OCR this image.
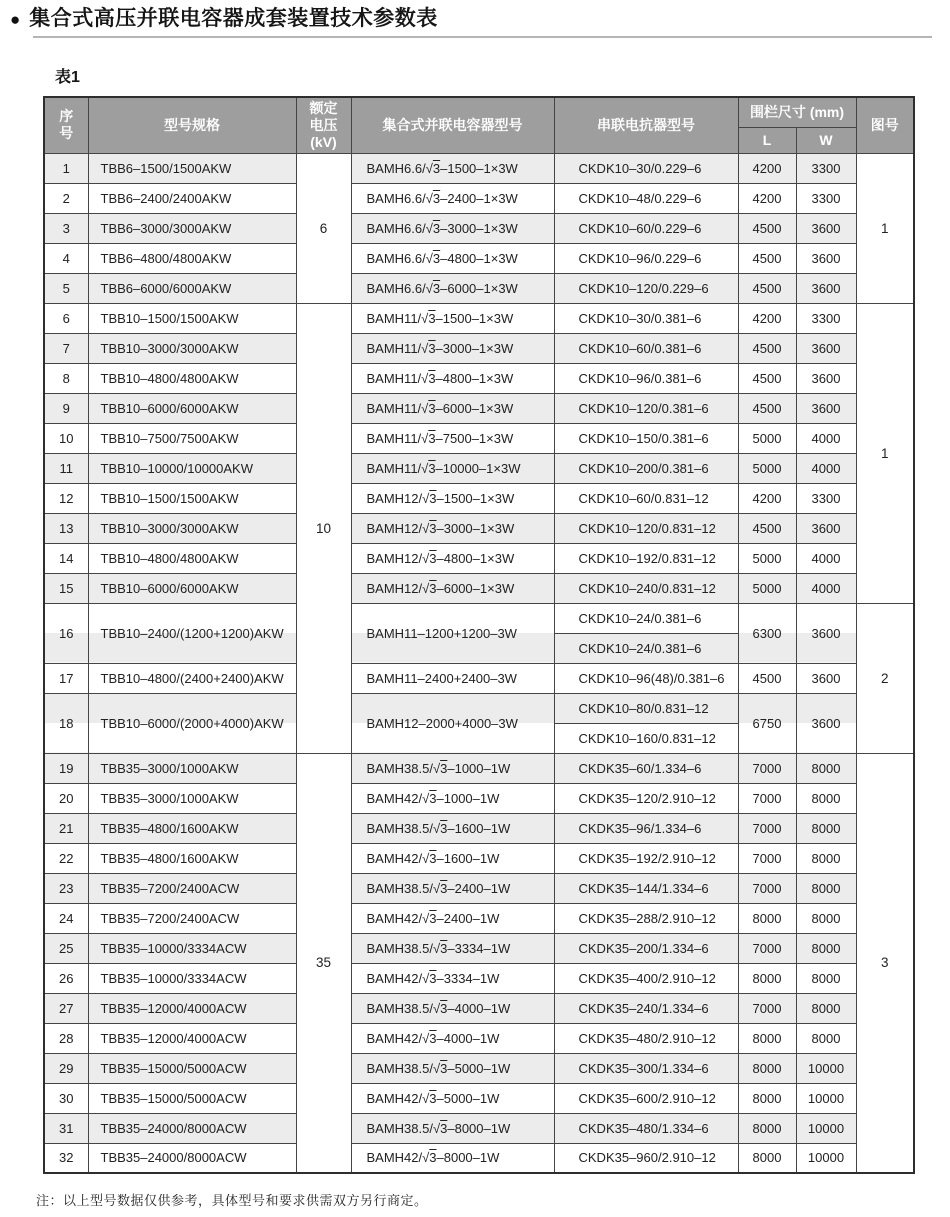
● 集合式高压并联电容器成套装置技术参数表
表1
序
号	型号规格	额定
电压
(kV)	集合式并联电容器型号	串联电抗器型号	围栏尺寸 (mm)		图号
					L	W	
1	TBB6–1500/1500AKW	6	BAMH6.6/√3–1500–1×3W	CKDK10–30/0.229–6	4200	3300	1
2	TBB6–2400/2400AKW		BAMH6.6/√3–2400–1×3W	CKDK10–48/0.229–6	4200	3300	
3	TBB6–3000/3000AKW		BAMH6.6/√3–3000–1×3W	CKDK10–60/0.229–6	4500	3600	
4	TBB6–4800/4800AKW		BAMH6.6/√3–4800–1×3W	CKDK10–96/0.229–6	4500	3600	
5	TBB6–6000/6000AKW		BAMH6.6/√3–6000–1×3W	CKDK10–120/0.229–6	4500	3600	
6	TBB10–1500/1500AKW	10	BAMH11/√3–1500–1×3W	CKDK10–30/0.381–6	4200	3300	1
7	TBB10–3000/3000AKW		BAMH11/√3–3000–1×3W	CKDK10–60/0.381–6	4500	3600	
8	TBB10–4800/4800AKW		BAMH11/√3–4800–1×3W	CKDK10–96/0.381–6	4500	3600	
9	TBB10–6000/6000AKW		BAMH11/√3–6000–1×3W	CKDK10–120/0.381–6	4500	3600	
10	TBB10–7500/7500AKW		BAMH11/√3–7500–1×3W	CKDK10–150/0.381–6	5000	4000	
11	TBB10–10000/10000AKW		BAMH11/√3–10000–1×3W	CKDK10–200/0.381–6	5000	4000	
12	TBB10–1500/1500AKW		BAMH12/√3–1500–1×3W	CKDK10–60/0.831–12	4200	3300	
13	TBB10–3000/3000AKW		BAMH12/√3–3000–1×3W	CKDK10–120/0.831–12	4500	3600	
14	TBB10–4800/4800AKW		BAMH12/√3–4800–1×3W	CKDK10–192/0.831–12	5000	4000	
15	TBB10–6000/6000AKW		BAMH12/√3–6000–1×3W	CKDK10–240/0.831–12	5000	4000	
16	TBB10–2400/(1200+1200)AKW		BAMH11–1200+1200–3W	CKDK10–24/0.381–6	6300	3600	2
				CKDK10–24/0.381–6			
17	TBB10–4800/(2400+2400)AKW		BAMH11–2400+2400–3W	CKDK10–96(48)/0.381–6	4500	3600	
18	TBB10–6000/(2000+4000)AKW		BAMH12–2000+4000–3W	CKDK10–80/0.831–12	6750	3600	
				CKDK10–160/0.831–12			
19	TBB35–3000/1000AKW	35	BAMH38.5/√3–1000–1W	CKDK35–60/1.334–6	7000	8000	3
20	TBB35–3000/1000AKW		BAMH42/√3–1000–1W	CKDK35–120/2.910–12	7000	8000	
21	TBB35–4800/1600AKW		BAMH38.5/√3–1600–1W	CKDK35–96/1.334–6	7000	8000	
22	TBB35–4800/1600AKW		BAMH42/√3–1600–1W	CKDK35–192/2.910–12	7000	8000	
23	TBB35–7200/2400ACW		BAMH38.5/√3–2400–1W	CKDK35–144/1.334–6	7000	8000	
24	TBB35–7200/2400ACW		BAMH42/√3–2400–1W	CKDK35–288/2.910–12	8000	8000	
25	TBB35–10000/3334ACW		BAMH38.5/√3–3334–1W	CKDK35–200/1.334–6	7000	8000	
26	TBB35–10000/3334ACW		BAMH42/√3–3334–1W	CKDK35–400/2.910–12	8000	8000	
27	TBB35–12000/4000ACW		BAMH38.5/√3–4000–1W	CKDK35–240/1.334–6	7000	8000	
28	TBB35–12000/4000ACW		BAMH42/√3–4000–1W	CKDK35–480/2.910–12	8000	8000	
29	TBB35–15000/5000ACW		BAMH38.5/√3–5000–1W	CKDK35–300/1.334–6	8000	10000	
30	TBB35–15000/5000ACW		BAMH42/√3–5000–1W	CKDK35–600/2.910–12	8000	10000	
31	TBB35–24000/8000ACW		BAMH38.5/√3–8000–1W	CKDK35–480/1.334–6	8000	10000	
32	TBB35–24000/8000ACW		BAMH42/√3–8000–1W	CKDK35–960/2.910–12	8000	10000	
注：以上型号数据仅供参考，具体型号和要求供需双方另行商定。
